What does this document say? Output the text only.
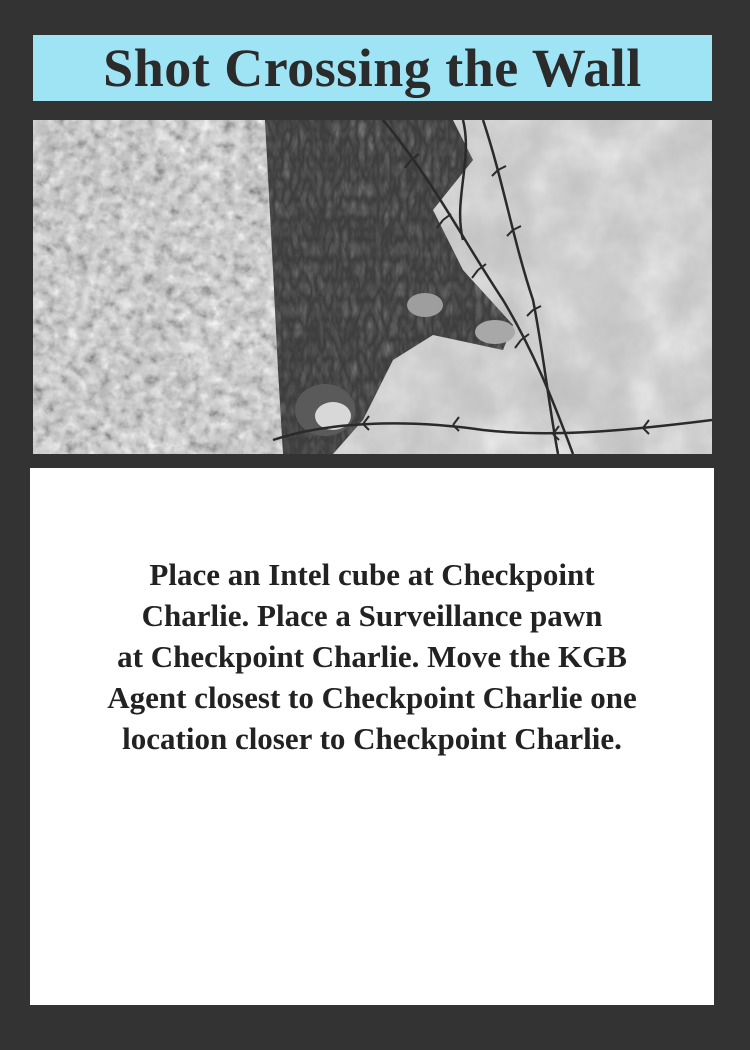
Shot Crossing the Wall
Place an Intel cube at Checkpoint
Charlie. Place a Surveillance pawn
at Checkpoint Charlie. Move the KGB
Agent closest to Checkpoint Charlie one
location closer to Checkpoint Charlie.
